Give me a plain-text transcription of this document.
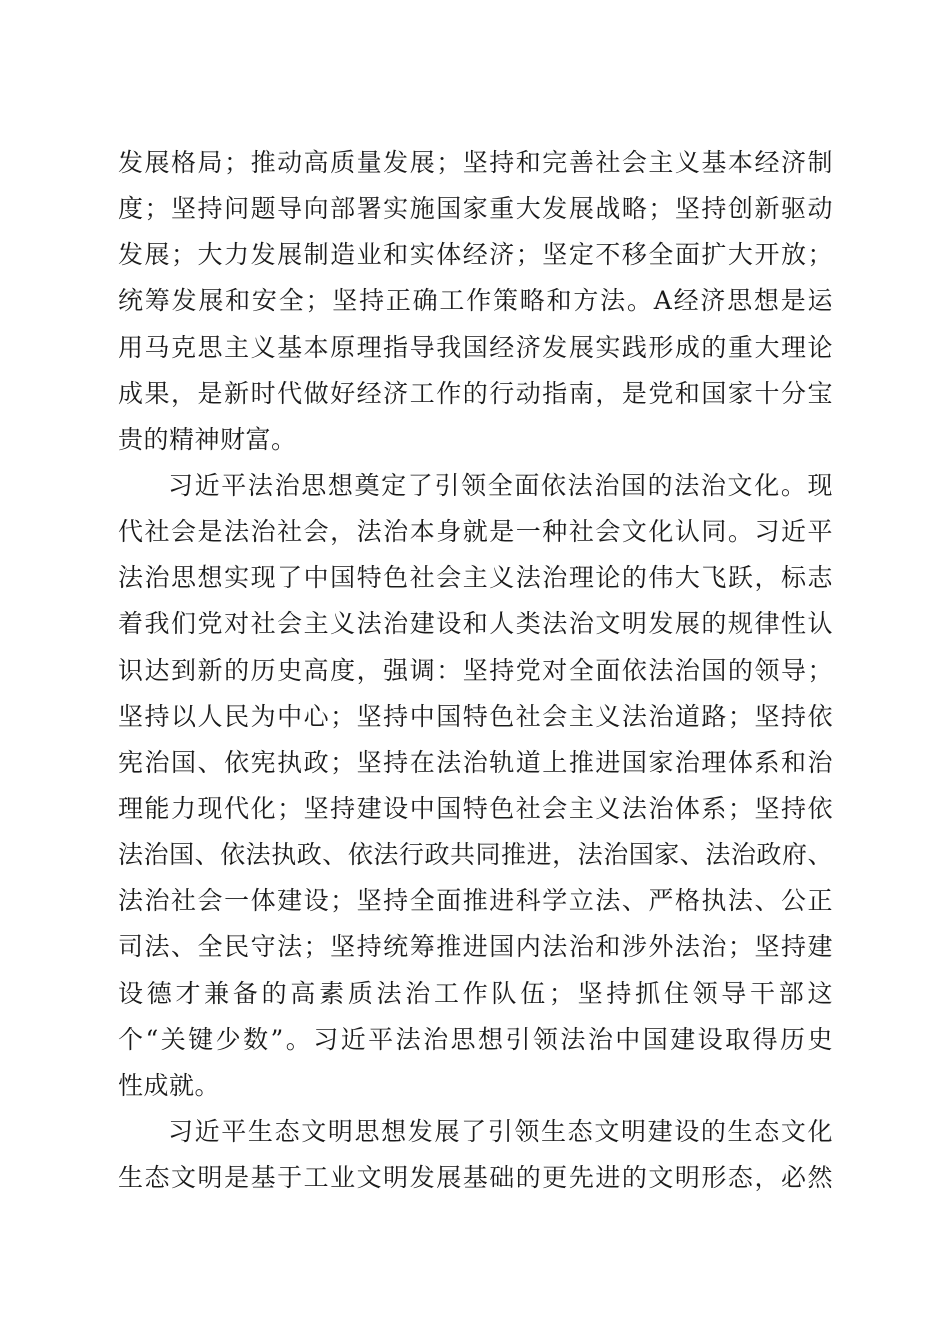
发展格局；推动高质量发展；坚持和完善社会主义基本经济制
度；坚持问题导向部署实施国家重大发展战略；坚持创新驱动
发展；大力发展制造业和实体经济；坚定不移全面扩大开放；
统筹发展和安全；坚持正确工作策略和方法。A经济思想是运
用马克思主义基本原理指导我国经济发展实践形成的重大理论
成果，是新时代做好经济工作的行动指南，是党和国家十分宝
贵的精神财富。
习近平法治思想奠定了引领全面依法治国的法治文化。现
代社会是法治社会，法治本身就是一种社会文化认同。习近平
法治思想实现了中国特色社会主义法治理论的伟大飞跃，标志
着我们党对社会主义法治建设和人类法治文明发展的规律性认
识达到新的历史高度，强调：坚持党对全面依法治国的领导；
坚持以人民为中心；坚持中国特色社会主义法治道路；坚持依
宪治国、依宪执政；坚持在法治轨道上推进国家治理体系和治
理能力现代化；坚持建设中国特色社会主义法治体系；坚持依
法治国、依法执政、依法行政共同推进，法治国家、法治政府、
法治社会一体建设；坚持全面推进科学立法、严格执法、公正
司法、全民守法；坚持统筹推进国内法治和涉外法治；坚持建
设德才兼备的高素质法治工作队伍；坚持抓住领导干部这
个“关键少数”。习近平法治思想引领法治中国建设取得历史
性成就。
习近平生态文明思想发展了引领生态文明建设的生态文化
生态文明是基于工业文明发展基础的更先进的文明形态，必然
